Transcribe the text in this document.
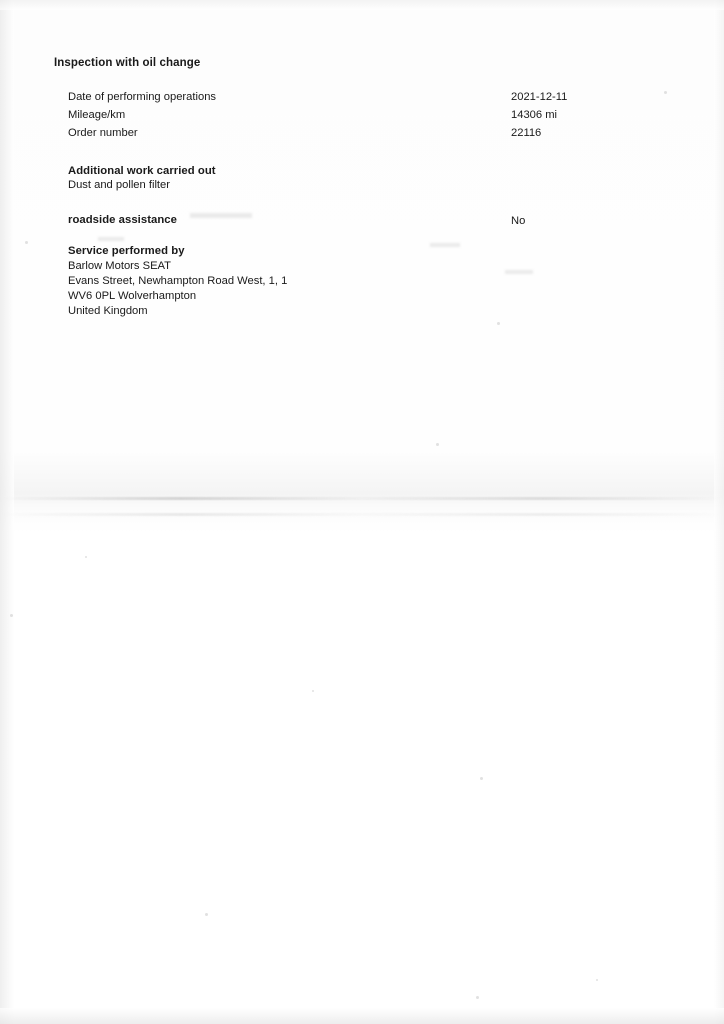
Inspection with oil change
Date of performing operations	2021-12-11
Mileage/km	14306 mi
Order number	22116
Additional work carried out
Dust and pollen filter
roadside assistance	No
Service performed by
Barlow Motors SEAT
Evans Street, Newhampton Road West, 1, 1
WV6 0PL Wolverhampton
United Kingdom
